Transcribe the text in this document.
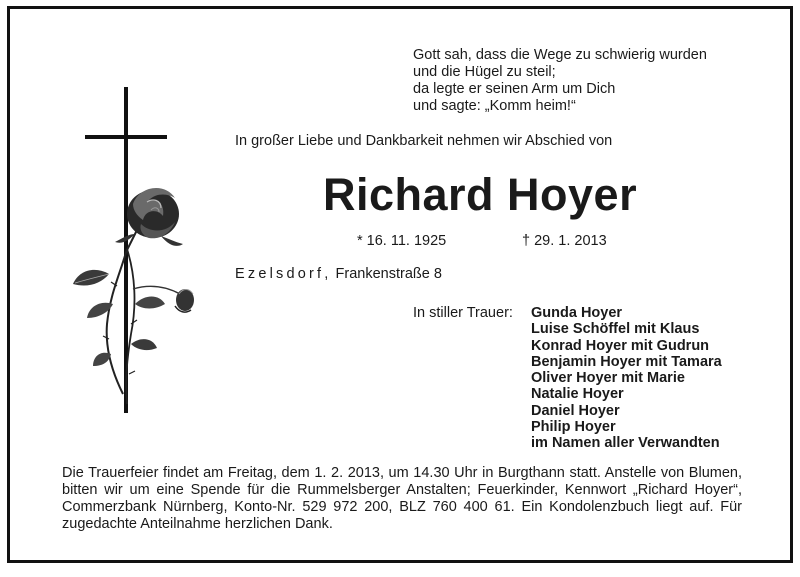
Gott sah, dass die Wege zu schwierig wurden
und die Hügel zu steil;
da legte er seinen Arm um Dich
und sagte: „Komm heim!“
In großer Liebe und Dankbarkeit nehmen wir Abschied von
Richard Hoyer
* 16. 11. 1925	† 29. 1. 2013
Ezelsdorf, Frankenstraße 8
In stiller Trauer: Gunda Hoyer
Luise Schöffel mit Klaus
Konrad Hoyer mit Gudrun
Benjamin Hoyer mit Tamara
Oliver Hoyer mit Marie
Natalie Hoyer
Daniel Hoyer
Philip Hoyer
im Namen aller Verwandten
Die Trauerfeier findet am Freitag, dem 1. 2. 2013, um 14.30 Uhr in Burgthann statt. Anstelle von Blumen, bitten wir um eine Spende für die Rummelsberger Anstalten; Feuerkinder, Kennwort „Richard Hoyer“, Commerzbank Nürnberg, Konto-Nr. 529 972 200, BLZ 760 400 61. Ein Kondolenzbuch liegt auf. Für zugedachte Anteilnahme herzlichen Dank.
